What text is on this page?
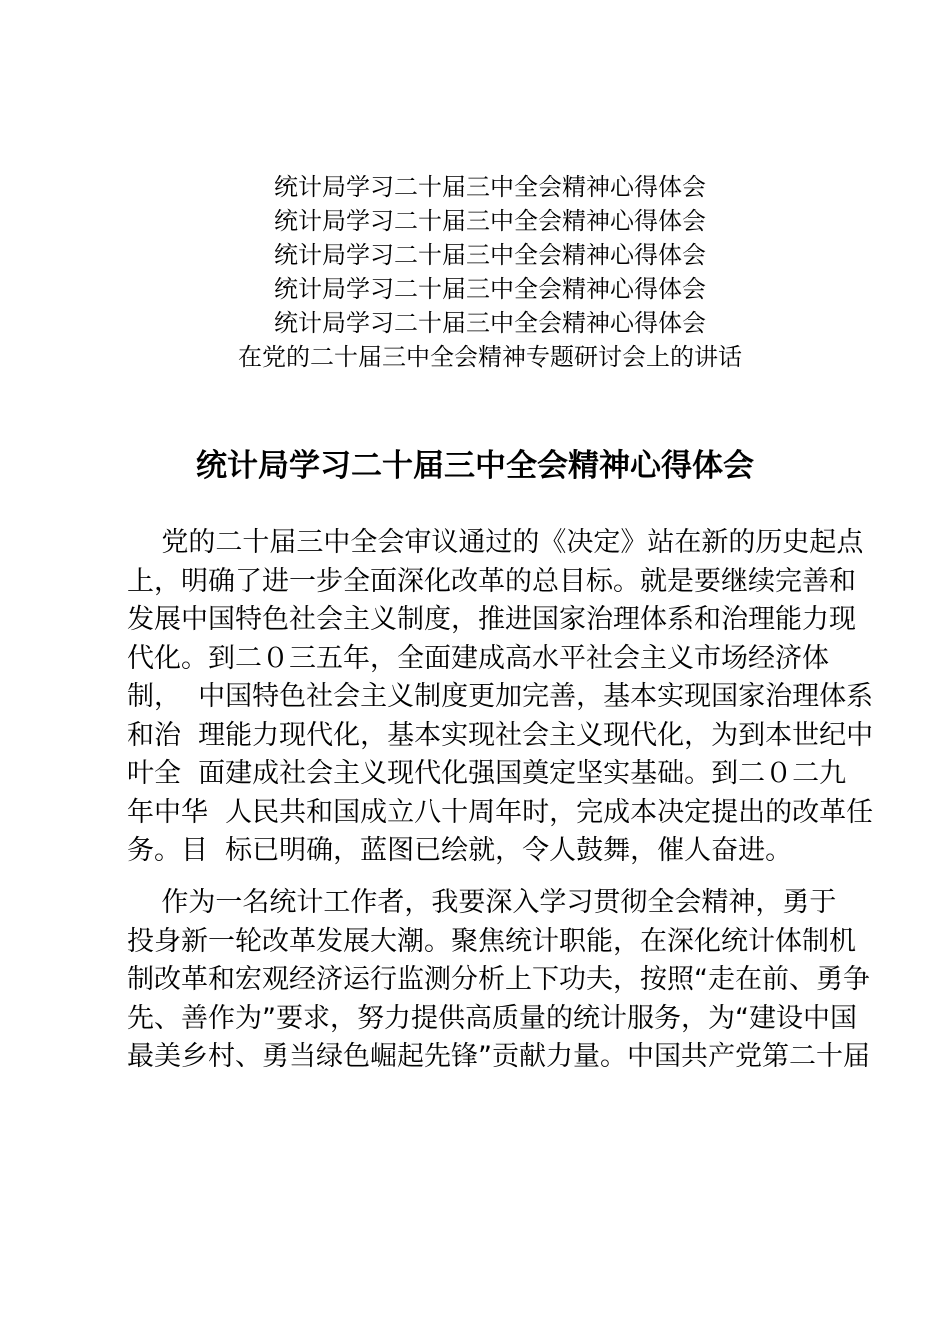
统计局学习二十届三中全会精神心得体会
统计局学习二十届三中全会精神心得体会
统计局学习二十届三中全会精神心得体会
统计局学习二十届三中全会精神心得体会
统计局学习二十届三中全会精神心得体会
在党的二十届三中全会精神专题研讨会上的讲话
统计局学习二十届三中全会精神心得体会
党的二十届三中全会审议通过的《决定》站在新的历史起点
上，明确了进一步全面深化改革的总目标。就是要继续完善和
发展中国特色社会主义制度，推进国家治理体系和治理能力现
代化。到二０三五年，全面建成高水平社会主义市场经济体
制，  中国特色社会主义制度更加完善，基本实现国家治理体系
和治  理能力现代化，基本实现社会主义现代化，为到本世纪中
叶全  面建成社会主义现代化强国奠定坚实基础。到二０二九
年中华  人民共和国成立八十周年时，完成本决定提出的改革任
务。目  标已明确，蓝图已绘就，令人鼓舞，催人奋进。
作为一名统计工作者，我要深入学习贯彻全会精神，勇于
投身新一轮改革发展大潮。聚焦统计职能，在深化统计体制机
制改革和宏观经济运行监测分析上下功夫，按照“走在前、勇争
先、善作为”要求，努力提供高质量的统计服务，为“建设中国
最美乡村、勇当绿色崛起先锋”贡献力量。中国共产党第二十届
